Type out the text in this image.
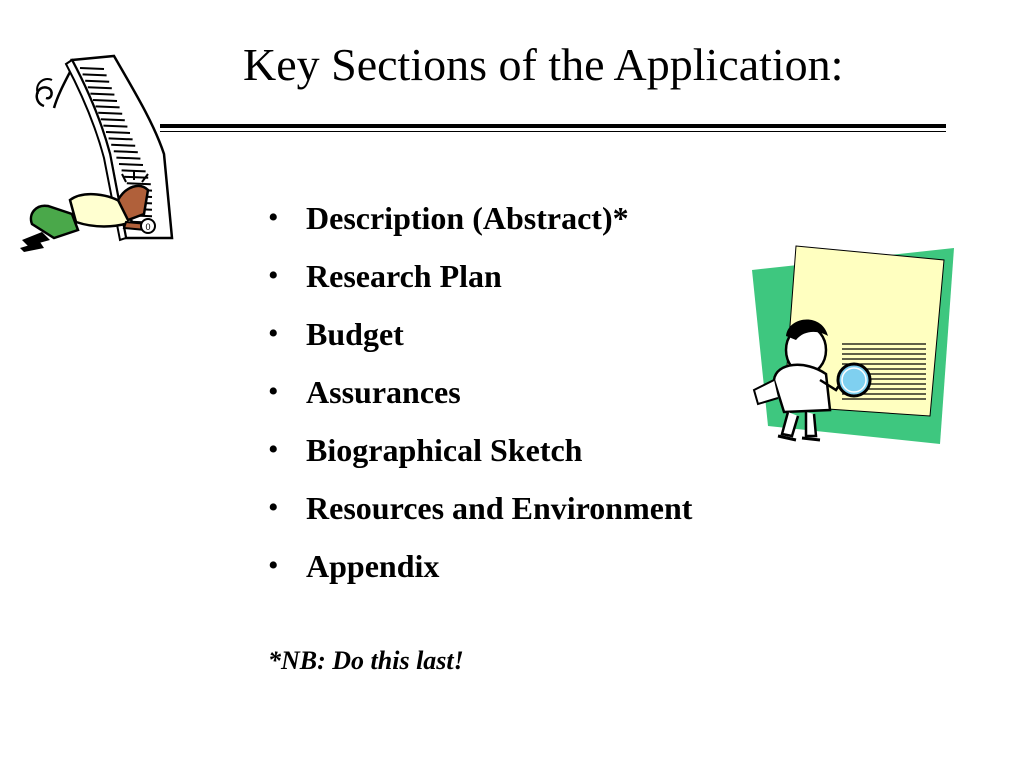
0
Key Sections of the Application:
• Description (Abstract)*
• Research Plan
• Budget
• Assurances
• Biographical Sketch
• Resources and Environment
• Appendix

*NB: Do this last!
